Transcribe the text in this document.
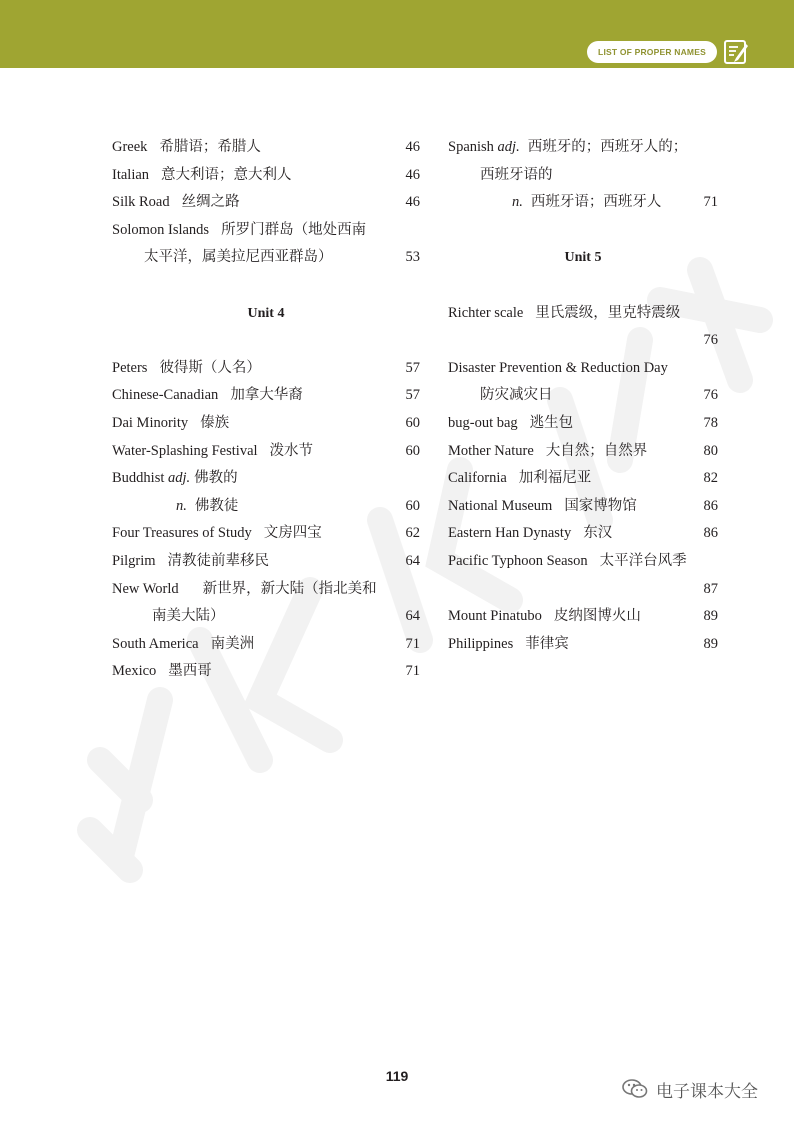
LIST OF PROPER NAMES
Greek 希腊语；希腊人	46
Italian 意大利语；意大利人	46
Silk Road 丝绸之路	46
Solomon Islands 所罗门群岛（地处西南
太平洋，属美拉尼西亚群岛）	53
Unit 4
Peters 彼得斯（人名）	57
Chinese-Canadian 加拿大华裔	57
Dai Minority 傣族	60
Water-Splashing Festival 泼水节	60
Buddhist adj. 佛教的
n. 佛教徒	60
Four Treasures of Study 文房四宝	62
Pilgrim 清教徒前辈移民	64
New World 新世界，新大陆（指北美和
南美大陆）	64
South America 南美洲	71
Mexico 墨西哥	71
Spanish adj. 西班牙的；西班牙人的；
西班牙语的
n. 西班牙语；西班牙人	71
Unit 5
Richter scale 里氏震级，里克特震级
76
Disaster Prevention & Reduction Day
防灾减灾日	76
bug-out bag 逃生包	78
Mother Nature 大自然；自然界	80
California 加利福尼亚	82
National Museum 国家博物馆	86
Eastern Han Dynasty 东汉	86
Pacific Typhoon Season 太平洋台风季
87
Mount Pinatubo 皮纳图博火山	89
Philippines 菲律宾	89
119
电子课本大全
